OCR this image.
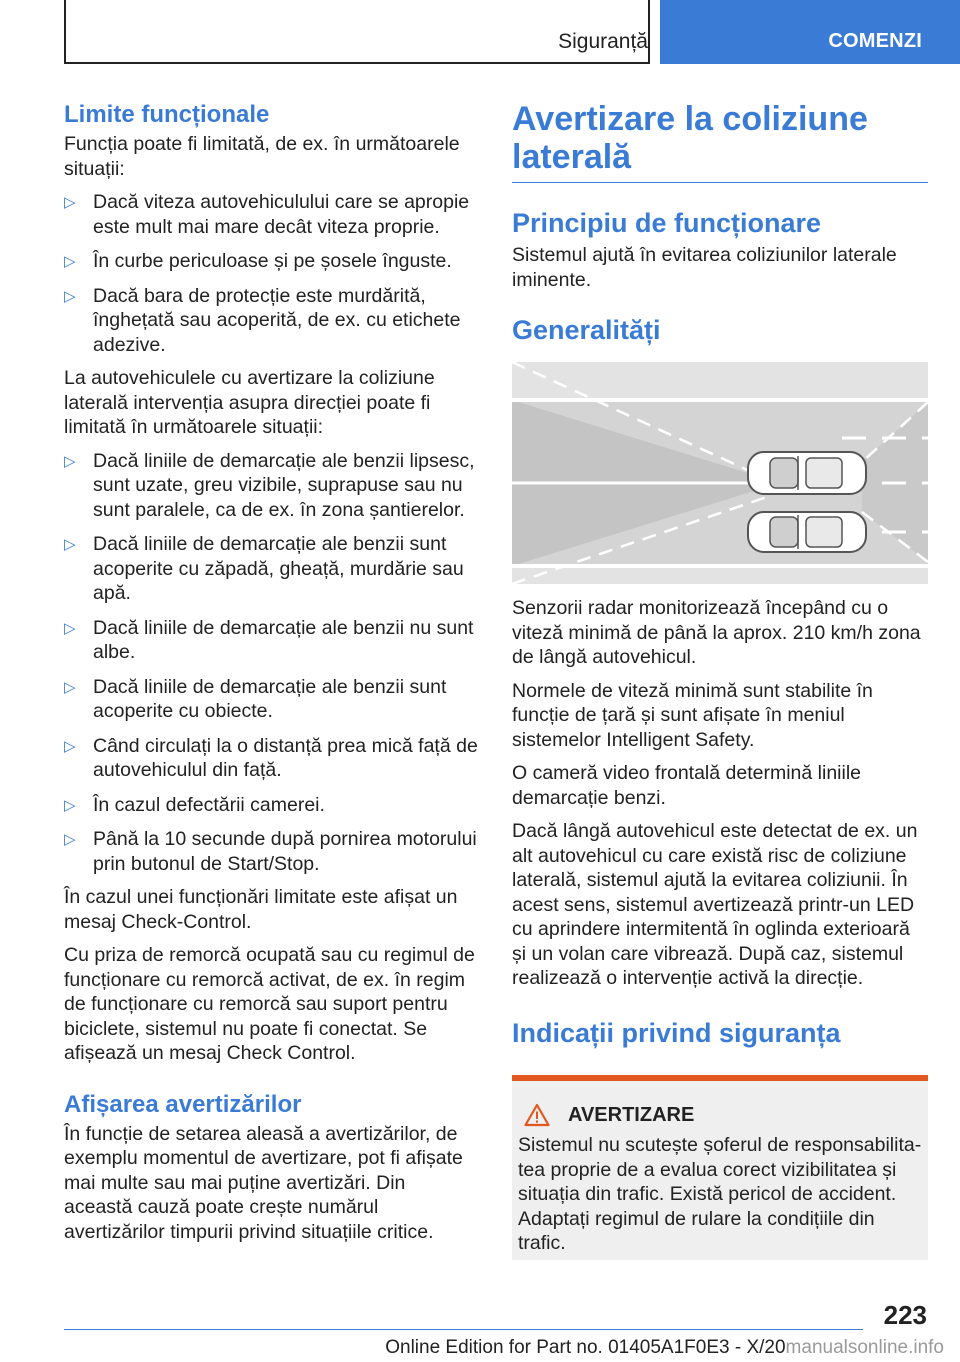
Siguranță	COMENZI
Limite funcționale

Funcția poate fi limitată, de ex. în următoarele situații:

▷ Dacă viteza autovehiculului care se apropie este mult mai mare decât viteza proprie.
▷ În curbe periculoase și pe șosele înguste.
▷ Dacă bara de protecție este murdărită, înghețată sau acoperită, de ex. cu etichete adezive.

La autovehiculele cu avertizare la coliziune laterală intervenția asupra direcției poate fi limitată în următoarele situații:

▷ Dacă liniile de demarcație ale benzii lipsesc, sunt uzate, greu vizibile, suprapuse sau nu sunt paralele, ca de ex. în zona șantierelor.
▷ Dacă liniile de demarcație ale benzii sunt acoperite cu zăpadă, gheață, murdărie sau apă.
▷ Dacă liniile de demarcație ale benzii nu sunt albe.
▷ Dacă liniile de demarcație ale benzii sunt acoperite cu obiecte.
▷ Când circulați la o distanță prea mică față de autovehiculul din față.
▷ În cazul defectării camerei.
▷ Până la 10 secunde după pornirea motorului prin butonul de Start/Stop.

În cazul unei funcționări limitate este afișat un mesaj Check-Control.

Cu priza de remorcă ocupată sau cu regimul de funcționare cu remorcă activat, de ex. în regim de funcționare cu remorcă sau suport pentru biciclete, sistemul nu poate fi conectat. Se afișează un mesaj Check Control.

Afișarea avertizărilor

În funcție de setarea aleasă a avertizărilor, de exemplu momentul de avertizare, pot fi afișate mai multe sau mai puține avertizări. Din această cauză poate crește numărul avertizărilor timpurii privind situațiile critice.

Avertizare la coliziune laterală
Principiu de funcționare

Sistemul ajută în evitarea coliziunilor laterale iminente.

Generalități

Senzorii radar monitorizează începând cu o viteză minimă de până la aprox. 210 km/h zona de lângă autovehicul.

Normele de viteză minimă sunt stabilite în funcție de țară și sunt afișate în meniul sistemelor Intelligent Safety.

O cameră video frontală determină liniile demarcație benzi.

Dacă lângă autovehicul este detectat de ex. un alt autovehicul cu care există risc de coliziune laterală, sistemul ajută la evitarea coliziunii. În acest sens, sistemul avertizează printr-un LED cu aprindere intermitentă în oglinda exterioară și un volan care vibrează. După caz, sistemul realizează o intervenție activă la direcție.

Indicații privind siguranța
AVERTIZARE

Sistemul nu scutește șoferul de responsabilitatea proprie de a evalua corect vizibilitatea și situația din trafic. Există pericol de accident. Adaptați regimul de rulare la condițiile din trafic.

223
Online Edition for Part no. 01405A1F0E3 - X/20manualsonline.info
